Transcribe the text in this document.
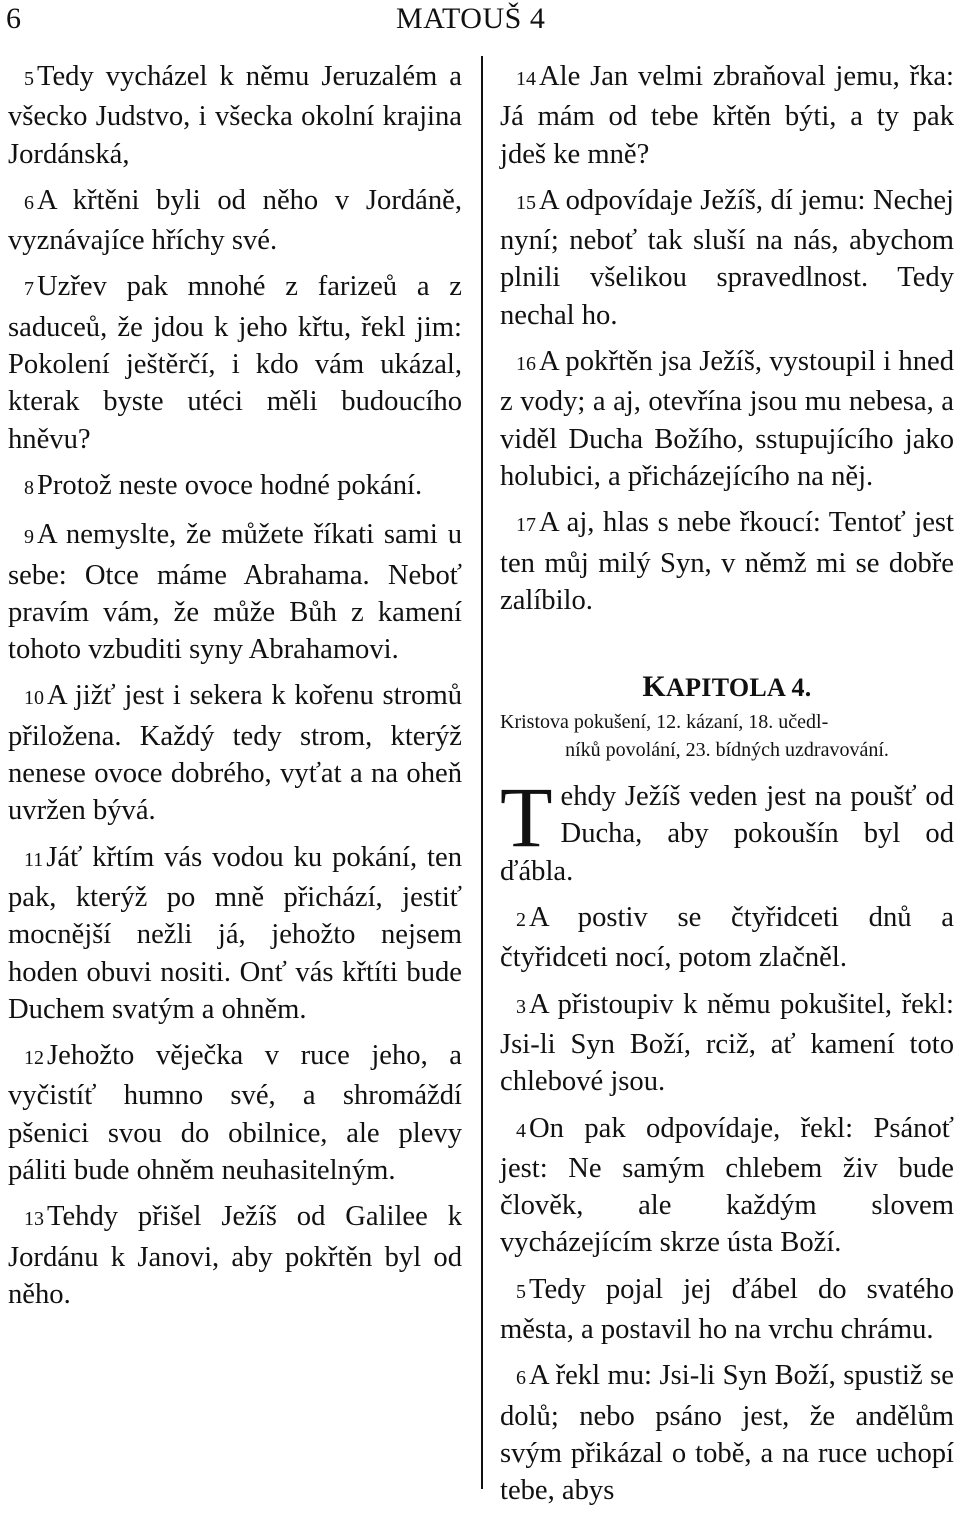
6	MATOUŠ 4

5 Tedy vycházel k němu Jeruzalém a všecko Judstvo, i všecka okolní krajina Jordánská,

6 A křtěni byli od něho v Jordáně, vyznávajíce hříchy své.

7 Uzřev pak mnohé z farizeů a z saduceů, že jdou k jeho křtu, řekl jim: Pokolení ještěrčí, i kdo vám ukázal, kterak byste utéci měli budoucího hněvu?

8 Protož neste ovoce hodné pokání.

9 A nemyslte, že můžete říkati sami u sebe: Otce máme Abrahama. Neboť pravím vám, že může Bůh z kamení tohoto vzbuditi syny Abrahamovi.

10 A jižť jest i sekera k kořenu stromů přiložena. Každý tedy strom, kterýž nenese ovoce dobrého, vyťat a na oheň uvržen bývá.

11 Jáť křtím vás vodou ku pokání, ten pak, kterýž po mně přichází, jestiť mocnější nežli já, jehožto nejsem hoden obuvi nositi. Onť vás křtíti bude Duchem svatým a ohněm.

12 Jehožto věječka v ruce jeho, a vyčistíť humno své, a shromáždí pšenici svou do obilnice, ale plevy páliti bude ohněm neuhasitelným.

13 Tehdy přišel Ježíš od Galilee k Jordánu k Janovi, aby pokřtěn byl od něho.

14 Ale Jan velmi zbraňoval jemu, řka: Já mám od tebe křtěn býti, a ty pak jdeš ke mně?

15 A odpovídaje Ježíš, dí jemu: Nechej nyní; neboť tak sluší na nás, abychom plnili všelikou spravedlnost. Tedy nechal ho.

16 A pokřtěn jsa Ježíš, vystoupil i hned z vody; a aj, otevřína jsou mu nebesa, a viděl Ducha Božího, sstupujícího jako holubici, a přicházejícího na něj.

17 A aj, hlas s nebe řkoucí: Tentoť jest ten můj milý Syn, v němž mi se dobře zalíbilo.

KAPITOLA 4.
Kristova pokušení, 12. kázaní, 18. učedl-
níků povolání, 23. bídných uzdravování.

Tehdy Ježíš veden jest na poušť od Ducha, aby pokoušín byl od ďábla.

2 A postiv se čtyřidceti dnů a čtyřidceti nocí, potom zlačněl.

3 A přistoupiv k němu pokušitel, řekl: Jsi-li Syn Boží, rciž, ať kamení toto chlebové jsou.

4 On pak odpovídaje, řekl: Psánoť jest: Ne samým chlebem živ bude člověk, ale každým slovem vycházejícím skrze ústa Boží.

5 Tedy pojal jej ďábel do svatého města, a postavil ho na vrchu chrámu.

6 A řekl mu: Jsi-li Syn Boží, spustiž se dolů; nebo psáno jest, že andělům svým přikázal o tobě, a na ruce uchopí tebe, abys
